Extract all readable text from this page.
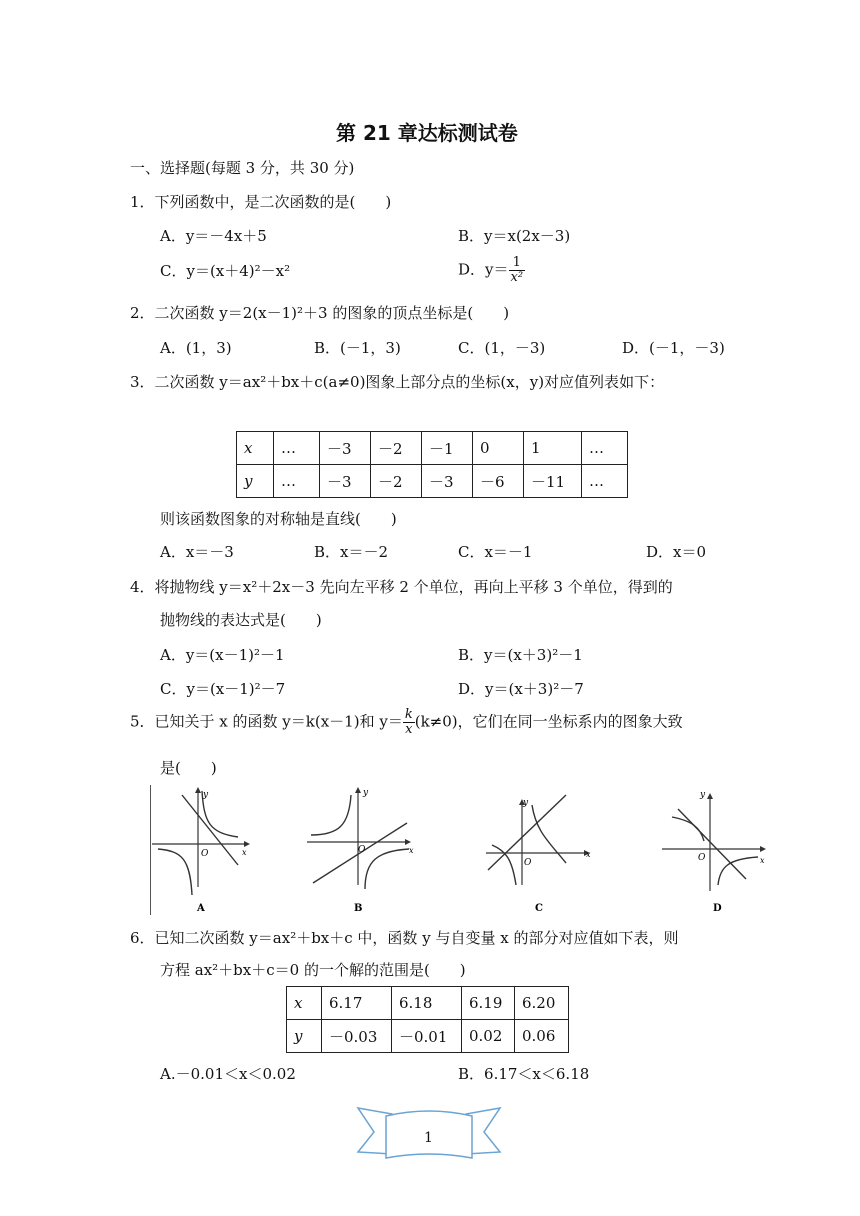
第 21 章达标测试卷
一、选择题(每题 3 分，共 30 分)
1．下列函数中，是二次函数的是(　　)
A．y＝－4x＋5	B．y＝x(2x－3)
C．y＝(x＋4)²－x²	D．$y= \frac{1}{\text{x²}}$
2．二次函数 y＝2(x－1)²＋3 的图象的顶点坐标是(　　)
A．(1，3)	B．(－1，3)	C．(1，－3)	D．(－1，－3)
3．二次函数 y＝ax²＋bx＋c(a≠0)图象上部分点的坐标(x，y)对应值列表如下：
x	…	－3	－2	－1	0	1	…
y	…	－3	－2	－3	－6	－11	…
则该函数图象的对称轴是直线(　　)
A．x＝－3	B．x＝－2	C．x＝－1	D．x＝0
4．将抛物线 y＝x²＋2x－3 先向左平移 2 个单位，再向上平移 3 个单位，得到的
抛物线的表达式是(　　)
A．y＝(x－1)²－1	B．y＝(x＋3)²－1
C．y＝(x－1)²－7	D．y＝(x＋3)²－7
5．已知关于 x 的函数 y＝k(x－1)和 $y= \frac{k}{x} (k\ne 0)$，它们在同一坐标系内的图象大致
是(　　)
y
x
O
A
y
x
O
B
y
x
O
C
y
x
O
D
6．已知二次函数 y＝ax²＋bx＋c 中，函数 y 与自变量 x 的部分对应值如下表，则
方程 ax²＋bx＋c＝0 的一个解的范围是(　　)
x	6.17	6.18	6.19	6.20
y	－0.03	－0.01	0.02	0.06
A.－0.01＜x＜0.02	B．6.17＜x＜6.18
1
